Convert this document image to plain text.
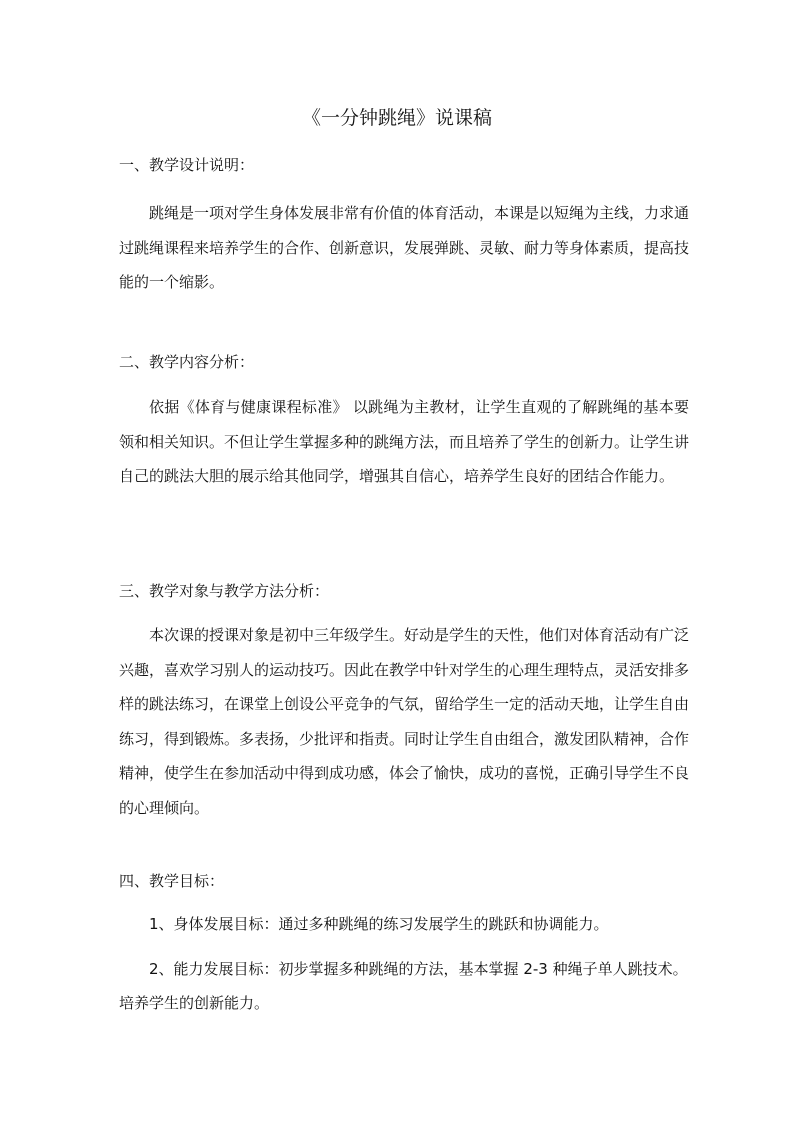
《一分钟跳绳》说课稿
一、教学设计说明：

跳绳是一项对学生身体发展非常有价值的体育活动，本课是以短绳为主线，力求通过跳绳课程来培养学生的合作、创新意识，发展弹跳、灵敏、耐力等身体素质，提高技能的一个缩影。

二、教学内容分析：

依据《体育与健康课程标准》 以跳绳为主教材，让学生直观的了解跳绳的基本要领和相关知识。不但让学生掌握多种的跳绳方法，而且培养了学生的创新力。让学生讲自己的跳法大胆的展示给其他同学，增强其自信心，培养学生良好的团结合作能力。

三、教学对象与教学方法分析：

本次课的授课对象是初中三年级学生。好动是学生的天性，他们对体育活动有广泛兴趣，喜欢学习别人的运动技巧。因此在教学中针对学生的心理生理特点，灵活安排多样的跳法练习，在课堂上创设公平竞争的气氛，留给学生一定的活动天地，让学生自由练习，得到锻炼。多表扬，少批评和指责。同时让学生自由组合，激发团队精神，合作精神，使学生在参加活动中得到成功感，体会了愉快，成功的喜悦，正确引导学生不良的心理倾向。

四、教学目标：

1、身体发展目标：通过多种跳绳的练习发展学生的跳跃和协调能力。

2、能力发展目标：初步掌握多种跳绳的方法，基本掌握 2-3 种绳子单人跳技术。培养学生的创新能力。
